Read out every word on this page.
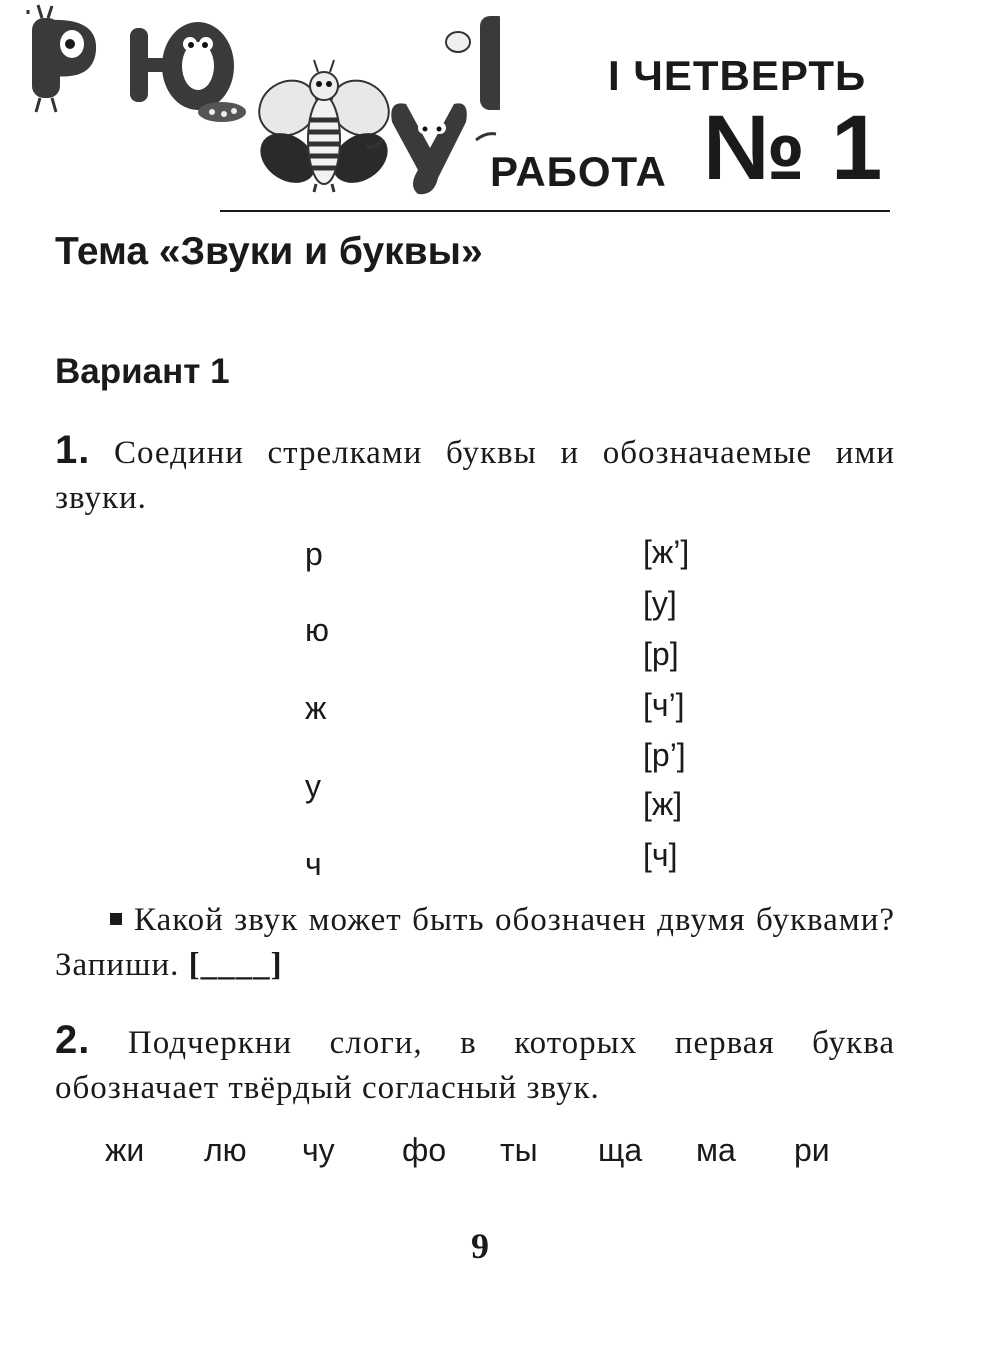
I ЧЕТВЕРТЬ
РАБОТА № 1
Тема «Звуки и буквы»
Вариант 1
1. Соедини стрелками буквы и обозначаемые ими звуки.
р
ю
ж
у
ч
[ж’]
[у]
[р]
[ч’]
[р’]
[ж]
[ч]
Какой звук может быть обозначен двумя буквами? Запиши. [____]
2. Подчеркни слоги, в которых первая буква обозначает твёрдый согласный звук.
жи лю чу фо ты ща ма ри
9
